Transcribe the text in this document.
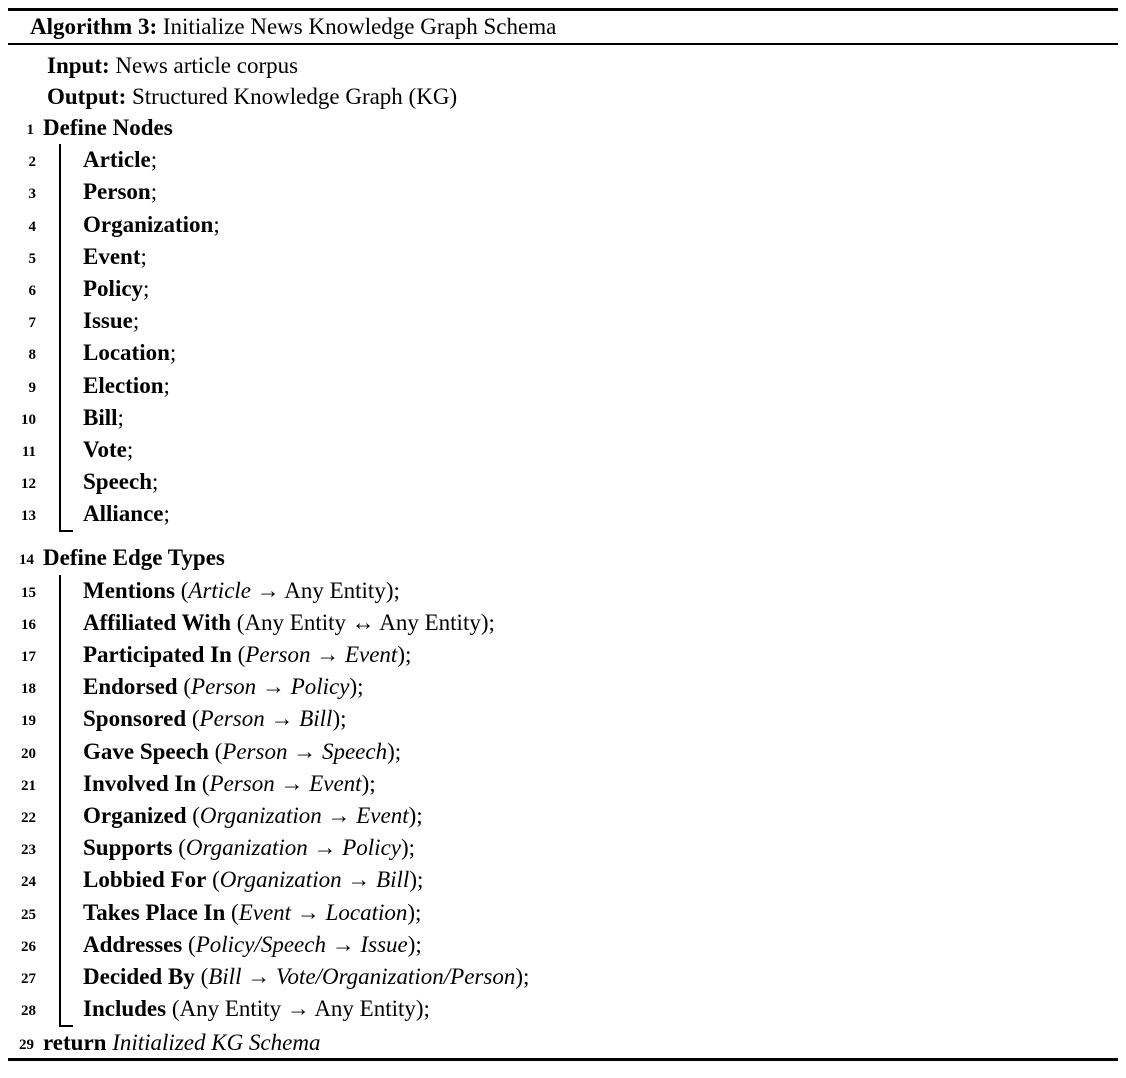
Algorithm 3: Initialize News Knowledge Graph Schema
Input: News article corpus
Output: Structured Knowledge Graph (KG)
1 Define Nodes
2 Article;
3 Person;
4 Organization;
5 Event;
6 Policy;
7 Issue;
8 Location;
9 Election;
10 Bill;
11 Vote;
12 Speech;
13 Alliance;
14 Define Edge Types
15 Mentions (Article → Any Entity);
16 Affiliated With (Any Entity ↔ Any Entity);
17 Participated In (Person → Event);
18 Endorsed (Person → Policy);
19 Sponsored (Person → Bill);
20 Gave Speech (Person → Speech);
21 Involved In (Person → Event);
22 Organized (Organization → Event);
23 Supports (Organization → Policy);
24 Lobbied For (Organization → Bill);
25 Takes Place In (Event → Location);
26 Addresses (Policy/Speech → Issue);
27 Decided By (Bill → Vote/Organization/Person);
28 Includes (Any Entity → Any Entity);
29 return Initialized KG Schema
